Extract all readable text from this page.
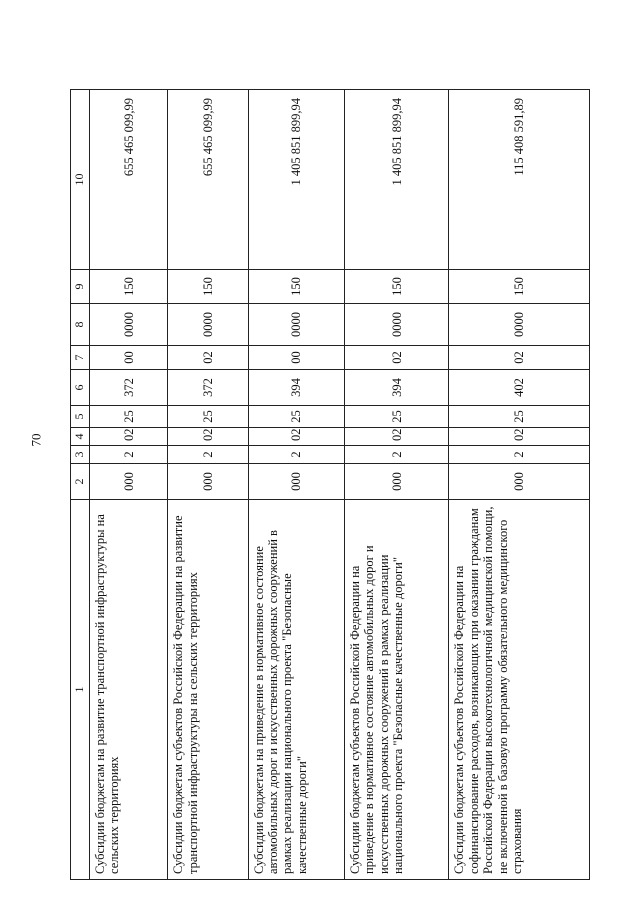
70
1	2	3	4	5	6	7	8	9	10
Субсидии бюджетам на развитие транспортной инфраструктуры на сельских территориях	000	2	02	25	372	00	0000	150	655 465 099,99
Субсидии бюджетам субъектов Российской Федерации на развитие транспортной инфраструктуры на сельских территориях	000	2	02	25	372	02	0000	150	655 465 099,99
Субсидии бюджетам на приведение в нормативное состояние автомобильных дорог и искусственных дорожных сооружений в рамках реализации национального проекта "Безопасные качественные дороги"	000	2	02	25	394	00	0000	150	1 405 851 899,94
Субсидии бюджетам субъектов Российской Федерации на приведение в нормативное состояние автомобильных дорог и искусственных дорожных сооружений в рамках реализации национального проекта "Безопасные качественные дороги"	000	2	02	25	394	02	0000	150	1 405 851 899,94
Субсидии бюджетам субъектов Российской Федерации на софинансирование расходов, возникающих при оказании гражданам Российской Федерации высокотехнологичной медицинской помощи, не включенной в базовую программу обязательного медицинского страхования	000	2	02	25	402	02	0000	150	115 408 591,89
